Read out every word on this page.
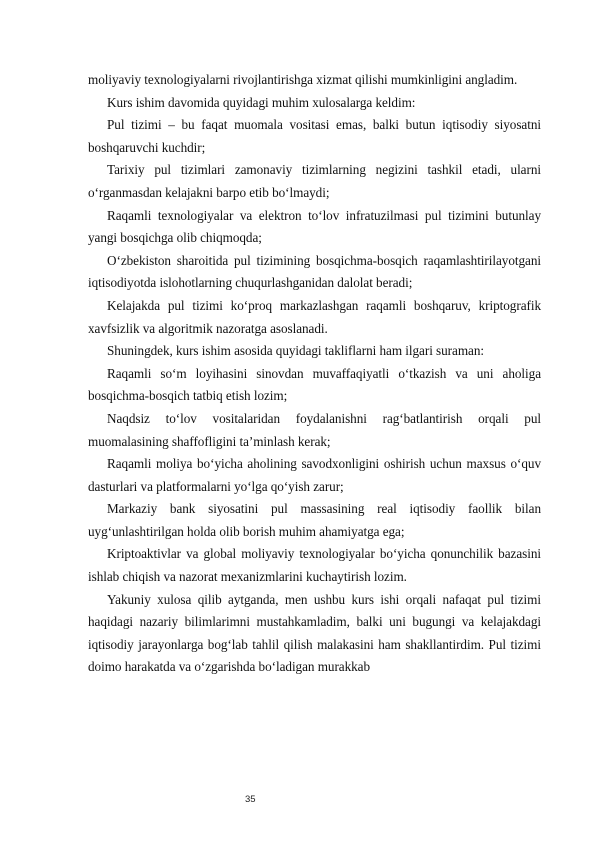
moliyaviy texnologiyalarni rivojlantirishga xizmat qilishi mumkinligini angladim.

Kurs ishim davomida quyidagi muhim xulosalarga keldim:

Pul tizimi – bu faqat muomala vositasi emas, balki butun iqtisodiy siyosatni boshqaruvchi kuchdir;

Tarixiy pul tizimlari zamonaviy tizimlarning negizini tashkil etadi, ularni o‘rganmasdan kelajakni barpo etib bo‘lmaydi;

Raqamli texnologiyalar va elektron to‘lov infratuzilmasi pul tizimini butunlay yangi bosqichga olib chiqmoqda;

O‘zbekiston sharoitida pul tizimining bosqichma-bosqich raqamlashtirilayotgani iqtisodiyotda islohotlarning chuqurlashganidan dalolat beradi;

Kelajakda pul tizimi ko‘proq markazlashgan raqamli boshqaruv, kriptografik xavfsizlik va algoritmik nazoratga asoslanadi.

Shuningdek, kurs ishim asosida quyidagi takliflarni ham ilgari suraman:

Raqamli so‘m loyihasini sinovdan muvaffaqiyatli o‘tkazish va uni aholiga bosqichma-bosqich tatbiq etish lozim;

Naqdsiz to‘lov vositalaridan foydalanishni rag‘batlantirish orqali pul muomalasining shaffofligini ta’minlash kerak;

Raqamli moliya bo‘yicha aholining savodxonligini oshirish uchun maxsus o‘quv dasturlari va platformalarni yo‘lga qo‘yish zarur;

Markaziy bank siyosatini pul massasining real iqtisodiy faollik bilan uyg‘unlashtirilgan holda olib borish muhim ahamiyatga ega;

Kriptoaktivlar va global moliyaviy texnologiyalar bo‘yicha qonunchilik bazasini ishlab chiqish va nazorat mexanizmlarini kuchaytirish lozim.

Yakuniy xulosa qilib aytganda, men ushbu kurs ishi orqali nafaqat pul tizimi haqidagi nazariy bilimlarimni mustahkamladim, balki uni bugungi va kelajakdagi iqtisodiy jarayonlarga bog‘lab tahlil qilish malakasini ham shakllantirdim. Pul tizimi doimo harakatda va o‘zgarishda bo‘ladigan murakkab

35
